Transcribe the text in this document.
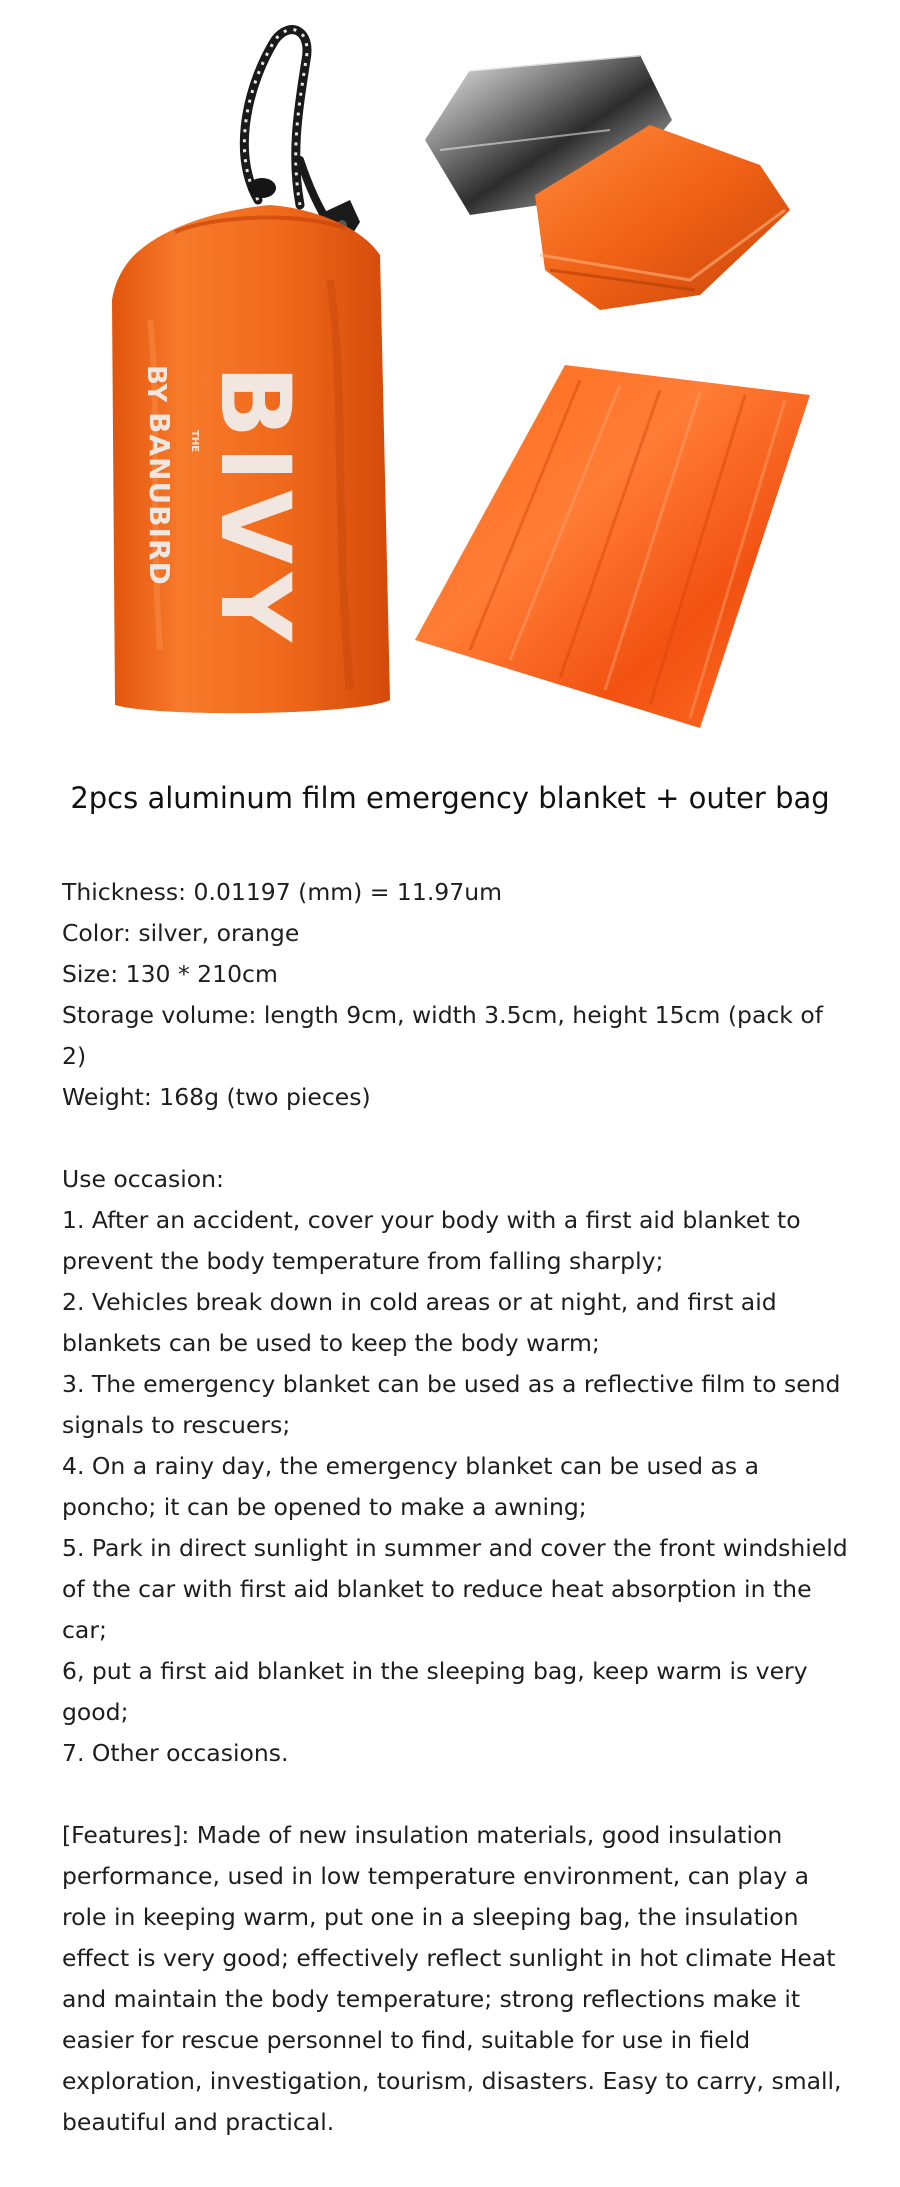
BIVY
BY
THE
BANUBIRD
2pcs aluminum film emergency blanket + outer bag

Thickness: 0.01197 (mm) = 11.97um

Color: silver, orange

Size: 130 * 210cm

Storage volume: length 9cm, width 3.5cm, height 15cm (pack of 2)

Weight: 168g (two pieces)

Use occasion:

1. After an accident, cover your body with a first aid blanket to prevent the body temperature from falling sharply;

2. Vehicles break down in cold areas or at night, and first aid blankets can be used to keep the body warm;

3. The emergency blanket can be used as a reflective film to send signals to rescuers;

4. On a rainy day, the emergency blanket can be used as a poncho; it can be opened to make a awning;

5. Park in direct sunlight in summer and cover the front windshield of the car with first aid blanket to reduce heat absorption in the car;

6, put a first aid blanket in the sleeping bag, keep warm is very good;

7. Other occasions.

[Features]: Made of new insulation materials, good insulation performance, used in low temperature environment, can play a role in keeping warm, put one in a sleeping bag, the insulation effect is very good; effectively reflect sunlight in hot climate Heat and maintain the body temperature; strong reflections make it easier for rescue personnel to find, suitable for use in field exploration, investigation, tourism, disasters. Easy to carry, small, beautiful and practical.
